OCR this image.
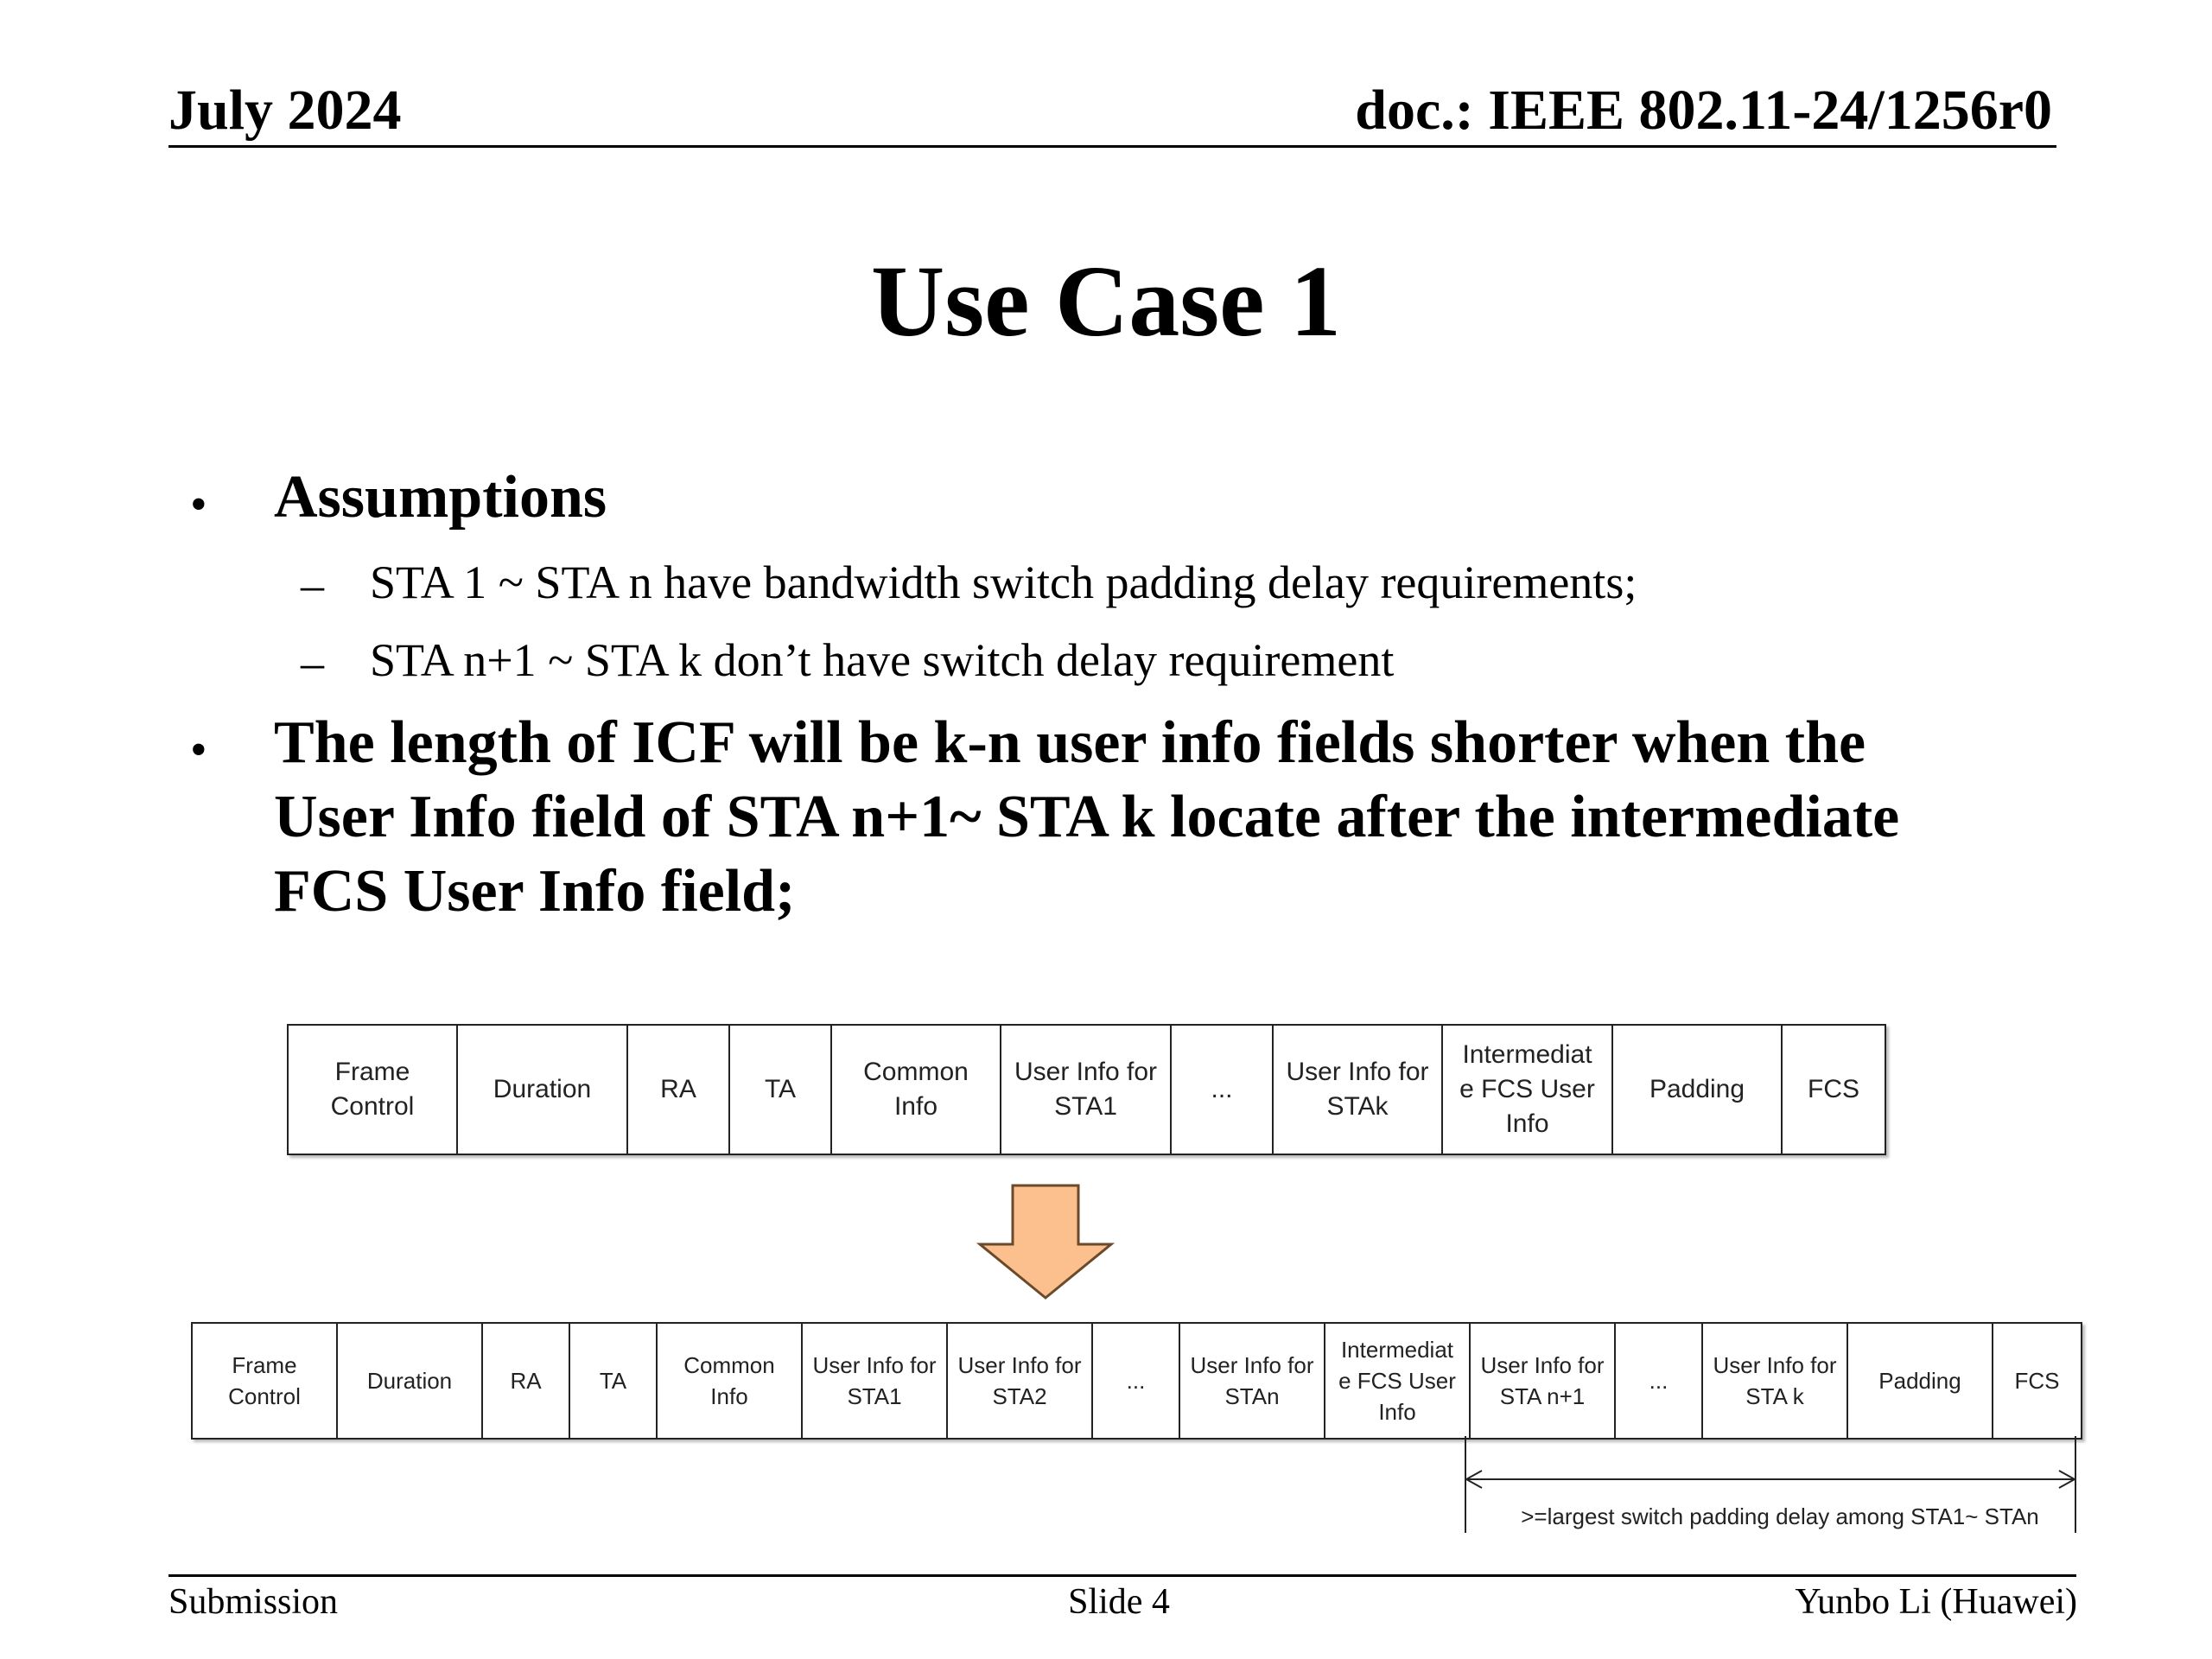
July 2024	doc.: IEEE 802.11-24/1256r0
Use Case 1
• Assumptions
– STA 1 ~ STA n have bandwidth switch padding delay requirements;
– STA n+1 ~ STA k don’t have switch delay requirement
• The length of ICF will be k-n user info fields shorter when the
User Info field of STA n+1~ STA k locate after the intermediate
FCS User Info field;
Frame
Control
Duration	RA	TA
Common
Info
User Info for
STA1
...
User Info for
STAk
Intermediat
e FCS User
Info
Padding	FCS
Frame
Control
Duration	RA	TA
Common
Info
User Info for
STA1
User Info for
STA2
...
User Info for
STAn
Intermediat
e FCS User
Info
User Info for
STA n+1
...
User Info for
STA k
Padding	FCS
>=largest switch padding delay among STA1~ STAn
Submission	Slide 4	Yunbo Li (Huawei)
